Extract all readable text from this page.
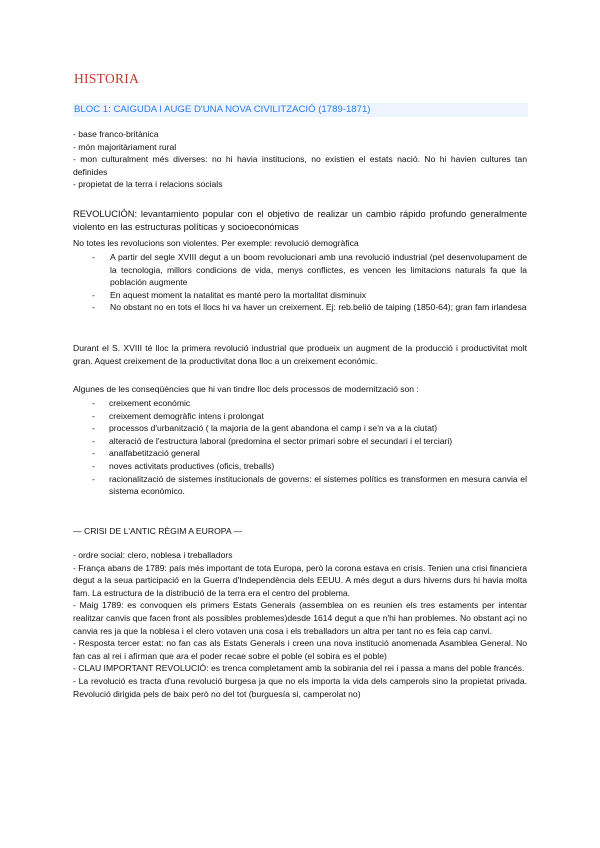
HISTORIA
BLOC 1: CAIGUDA I AUGE D'UNA NOVA CIVILITZACIÓ (1789-1871)

- base franco-britànica

- món majoritàriament rural

- mon culturalment més diverses: no hi havia institucions, no existien el estats nació. No hi havien cultures tan definides

- propietat de la terra i relacions socials

REVOLUCIÓN: levantamiento popular con el objetivo de realizar un cambio rápido profundo generalmente violento en las estructuras políticas y socioeconómicas
No totes les revolucions son violentes. Per exemple: revolució demogràfica
- A partir del segle XVIII degut a un boom revolucionari amb una revolució industrial (pel desenvolupament de la tecnologia, millors condicions de vida, menys conflictes, es vencen les limitacions naturals fa que la población augmente
- En aquest moment la natalitat es manté pero la mortalitat disminuix
- No obstant no en tots el llocs hi va haver un creixement. Ej: reb.belió de taiping (1850-64); gran fam irlandesa
Durant el S. XVIII té lloc la primera revolució industrial que produeix un augment de la producció i productivitat molt gran. Aquest creixement de la productivitat dona lloc a un creixement económic.
Algunes de les conseqüències que hi van tindre lloc dels processos de modernització son :
- creixement económic
- creixement demogràfic intens i prolongat
- processos d'urbanització ( la majoria de la gent abandona el camp i se'n va a la ciutat)
- alteració de l'estructura laboral (predomina el sector primari sobre el secundari i el terciari)
- analfabetització general
- noves activitats productives (oficis, treballs)
- racionalització de sistemes institucionals de governs: el sistemes polítics es transformen en mesura canvia el sistema econòmico.
— CRISI DE L'ANTIC RÈGIM A EUROPA —

- ordre social: clero, noblesa i treballadors

- França abans de 1789: país més important de tota Europa, però la corona estava en crisis. Tenien una crisi financiera degut a la seua participació en la Guerra d'Independència dels EEUU. A més degut a durs hiverns durs hi havia molta fam. La estructura de la distribució de la terra era el centro del problema.

- Maig 1789: es convoquen els primers Estats Generals (assemblea on es reunien els tres estaments per intentar realitzar canvis que facen front als possibles problemes)desde 1614 degut a que n'hi han problemes. No obstant açi no canvia res ja que la noblesa i el clero votaven una cosa i els treballadors un altra per tant no es feia cap canvi.

- Resposta tercer estat: no fan cas als Estats Generals i creen una nova institució anomenada Asamblea General. No fan cas al rei i afirman que ara el poder recae sobre el poble (el sobira es el poble)

- CLAU IMPORTANT REVOLUCIÓ: es trenca completament amb la sobirania del rei i passa a mans del poble francés.

- La revolució es tracta d'una revolució burgesa ja que no els importa la vida dels camperols sino la propietat privada. Revolució dirigida pels de baix però no del tot (burguesía si, camperolat no)
